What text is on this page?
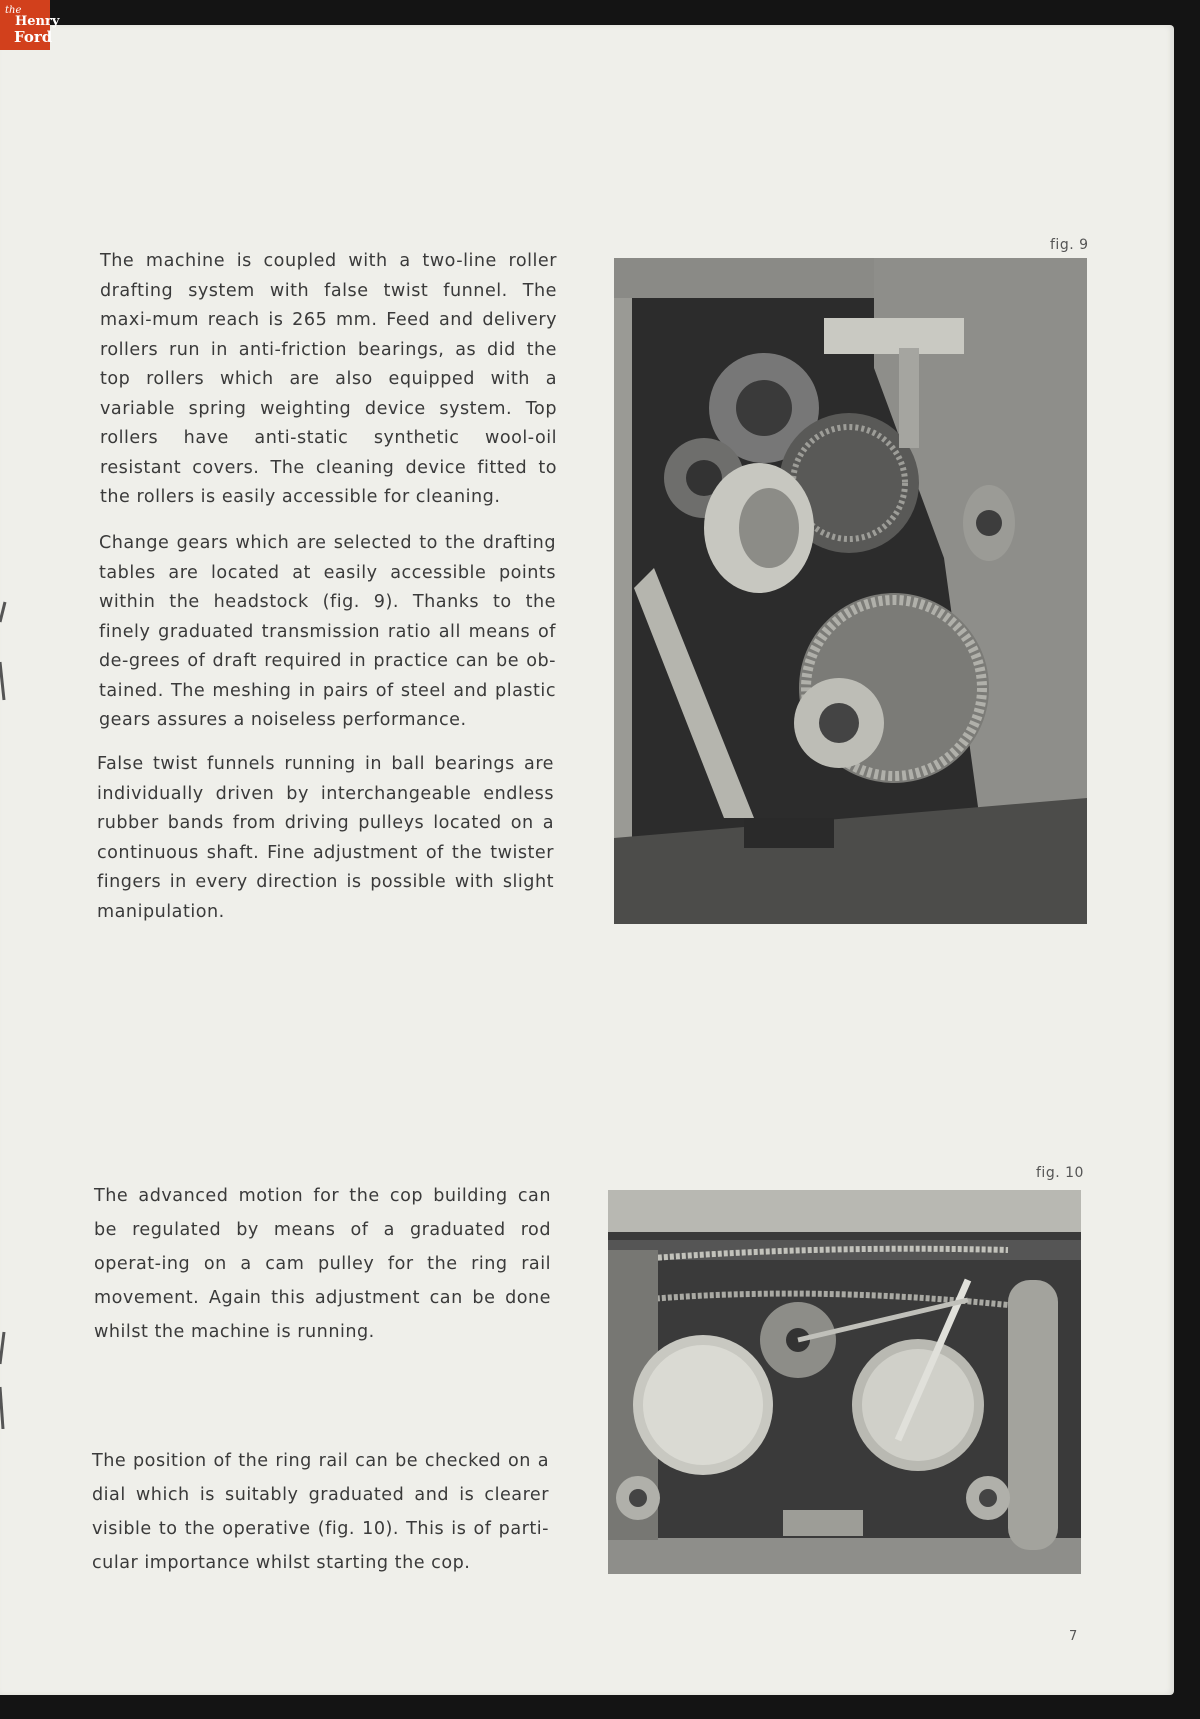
the
Henry
Ford

The machine is coupled with a two-line roller drafting system with false twist funnel. The maxi-mum reach is 265 mm. Feed and delivery rollers run in anti-friction bearings, as did the top rollers which are also equipped with a variable spring weighting device system. Top rollers have anti-static synthetic wool-oil resistant covers. The cleaning device fitted to the rollers is easily accessible for cleaning.

Change gears which are selected to the drafting tables are located at easily accessible points within the headstock (fig. 9). Thanks to the finely graduated transmission ratio all means of de-grees of draft required in practice can be ob-tained. The meshing in pairs of steel and plastic gears assures a noiseless performance.

False twist funnels running in ball bearings are individually driven by interchangeable endless rubber bands from driving pulleys located on a continuous shaft. Fine adjustment of the twister fingers in every direction is possible with slight manipulation.

The advanced motion for the cop building can be regulated by means of a graduated rod operat-ing on a cam pulley for the ring rail movement. Again this adjustment can be done whilst the machine is running.

The position of the ring rail can be checked on a dial which is suitably graduated and is clearer visible to the operative (fig. 10). This is of parti-cular importance whilst starting the cop.

fig. 9

fig. 10

7
